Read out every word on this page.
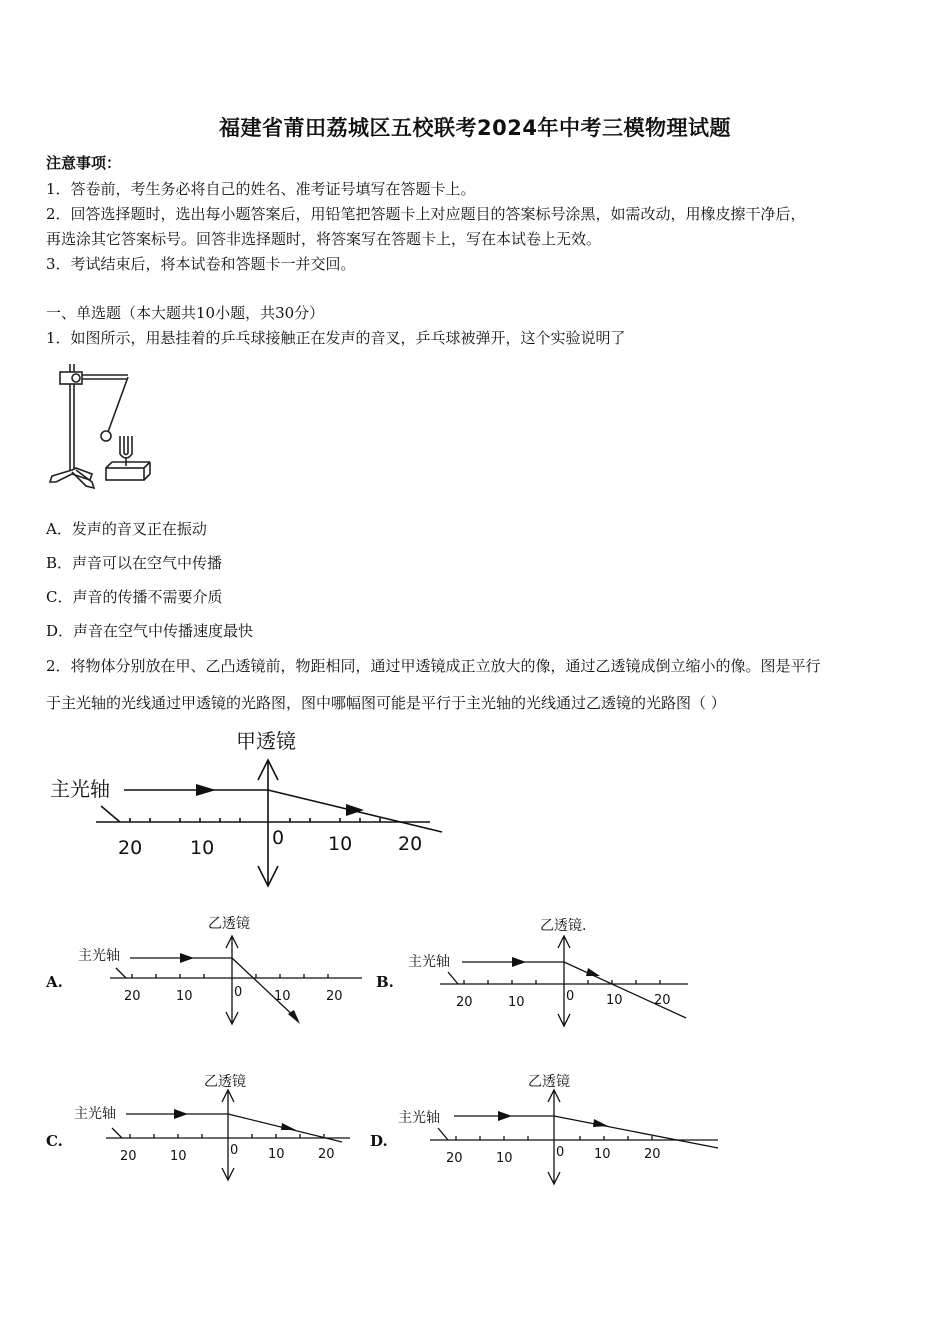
福建省莆田荔城区五校联考2024年中考三模物理试题
注意事项：
1．答卷前，考生务必将自己的姓名、准考证号填写在答题卡上。
2．回答选择题时，选出每小题答案后，用铅笔把答题卡上对应题目的答案标号涂黑，如需改动，用橡皮擦干净后，
再选涂其它答案标号。回答非选择题时，将答案写在答题卡上，写在本试卷上无效。
3．考试结束后，将本试卷和答题卡一并交回。
一、单选题（本大题共10小题，共30分）
1．如图所示，用悬挂着的乒乓球接触正在发声的音叉，乒乓球被弹开，这个实验说明了
A．发声的音叉正在振动
B．声音可以在空气中传播
C．声音的传播不需要介质
D．声音在空气中传播速度最快
2．将物体分别放在甲、乙凸透镜前，物距相同，通过甲透镜成正立放大的像，通过乙透镜成倒立缩小的像。图是平行
于主光轴的光线通过甲透镜的光路图，图中哪幅图可能是平行于主光轴的光线通过乙透镜的光路图（ ）
甲透镜
主光轴
20	10	0 10 20
A.
乙透镜
主光轴
20	10	0 10	20
B.
乙透镜.
主光轴
20	10	0 10 20
C.
乙透镜
主光轴
20	10	0 10	20
D.
乙透镜
主光轴
20	10	0 10	20
